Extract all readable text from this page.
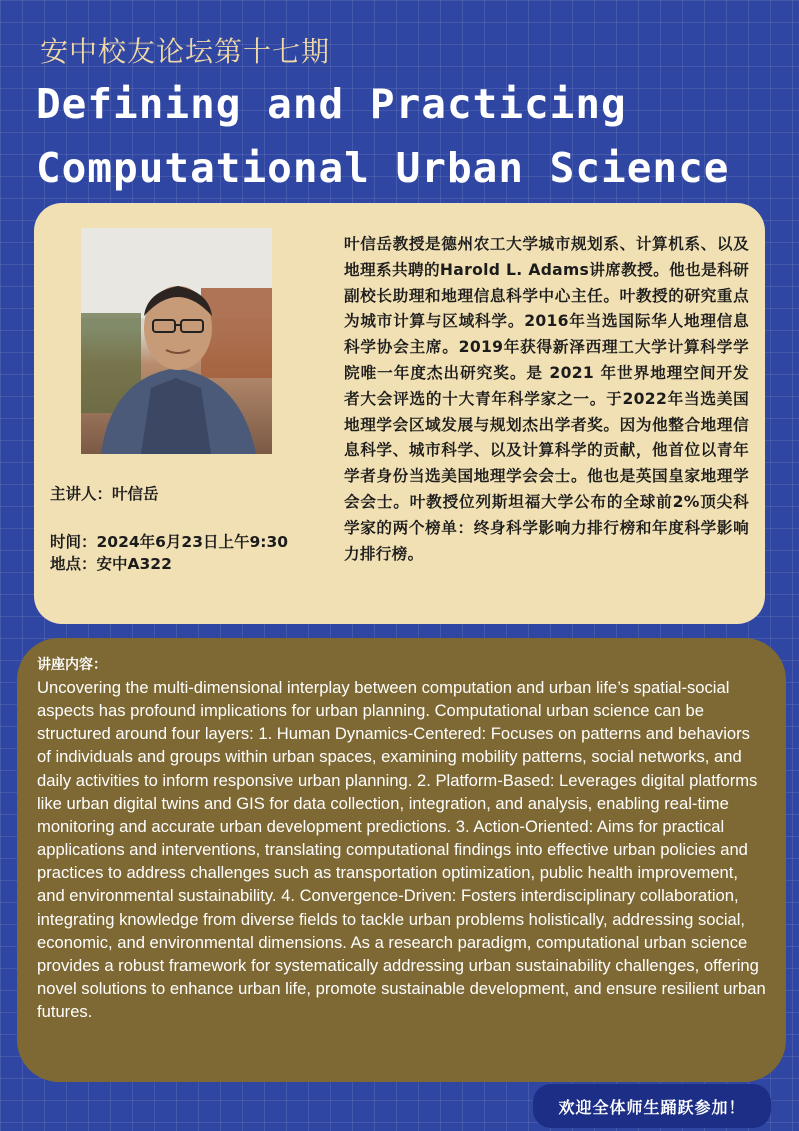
安中校友论坛第十七期
Defining and Practicing
Computational Urban Science
主讲人：叶信岳
时间：2024年6月23日上午9:30
地点：安中A322
叶信岳教授是德州农工大学城市规划系、计算机系、以及地理系共聘的Harold L. Adams讲席教授。他也是科研副校长助理和地理信息科学中心主任。叶教授的研究重点为城市计算与区域科学。2016年当选国际华人地理信息科学协会主席。2019年获得新泽西理工大学计算科学学院唯一年度杰出研究奖。是 2021 年世界地理空间开发者大会评选的十大青年科学家之一。于2022年当选美国地理学会区域发展与规划杰出学者奖。因为他整合地理信息科学、城市科学、以及计算科学的贡献，他首位以青年学者身份当选美国地理学会会士。他也是英国皇家地理学会会士。叶教授位列斯坦福大学公布的全球前2%顶尖科学家的两个榜单：终身科学影响力排行榜和年度科学影响力排行榜。
讲座内容：
Uncovering the multi-dimensional interplay between computation and urban life’s spatial-social aspects has profound implications for urban planning. Computational urban science can be structured around four layers: 1. Human Dynamics-Centered: Focuses on patterns and behaviors of individuals and groups within urban spaces, examining mobility patterns, social networks, and daily activities to inform responsive urban planning. 2. Platform-Based: Leverages digital platforms like urban digital twins and GIS for data collection, integration, and analysis, enabling real-time monitoring and accurate urban development predictions. 3. Action-Oriented: Aims for practical applications and interventions, translating computational findings into effective urban policies and practices to address challenges such as transportation optimization, public health improvement, and environmental sustainability. 4. Convergence-Driven: Fosters interdisciplinary collaboration, integrating knowledge from diverse fields to tackle urban problems holistically, addressing social, economic, and environmental dimensions. As a research paradigm, computational urban science provides a robust framework for systematically addressing urban sustainability challenges, offering novel solutions to enhance urban life, promote sustainable development, and ensure resilient urban futures.
欢迎全体师生踊跃参加！
